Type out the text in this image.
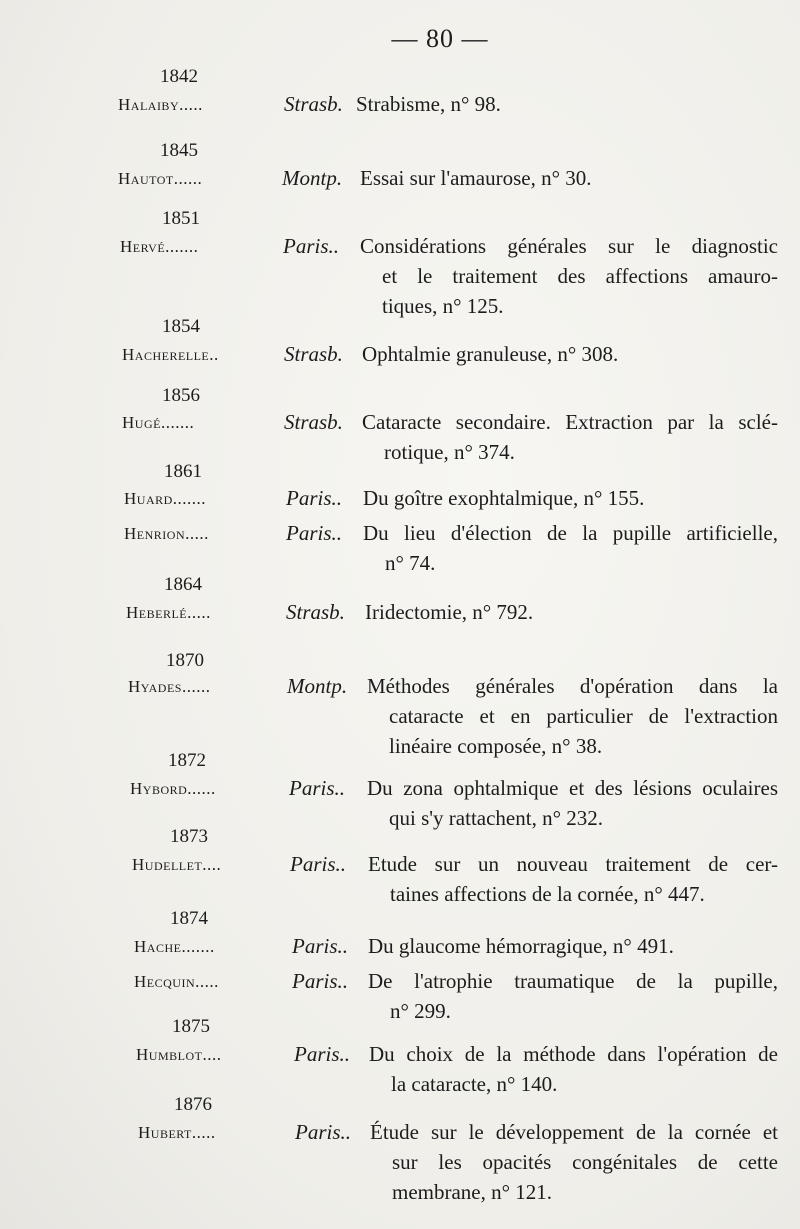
— 80 —
1842
Halaiby.....	Strasb. Strabisme, n° 98.
1845
Hautot......	Montp. Essai sur l'amaurose, n° 30.
1851
Hervé.......	Paris.. Considérations générales sur le diagnostic
et le traitement des affections amauro-
tiques, n° 125.
1854
Hacherelle..	Strasb. Ophtalmie granuleuse, n° 308.
1856
Hugé.......	Strasb. Cataracte secondaire. Extraction par la sclé-
rotique, n° 374.
1861
Huard.......	Paris.. Du goître exophtalmique, n° 155.
Henrion.....	Paris.. Du lieu d'élection de la pupille artificielle,
n° 74.
1864
Heberlé.....	Strasb. Iridectomie, n° 792.
1870
Hyades......	Montp. Méthodes générales d'opération dans la
cataracte et en particulier de l'extraction
linéaire composée, n° 38.
1872
Hybord......	Paris.. Du zona ophtalmique et des lésions oculaires
qui s'y rattachent, n° 232.
1873
Hudellet....	Paris.. Etude sur un nouveau traitement de cer-
taines affections de la cornée, n° 447.
1874
Hache.......	Paris.. Du glaucome hémorragique, n° 491.
Hecquin.....	Paris.. De l'atrophie traumatique de la pupille,
n° 299.
1875
Humblot....	Paris.. Du choix de la méthode dans l'opération de
la cataracte, n° 140.
1876
Hubert.....	Paris.. Étude sur le développement de la cornée et
sur les opacités congénitales de cette
membrane, n° 121.
